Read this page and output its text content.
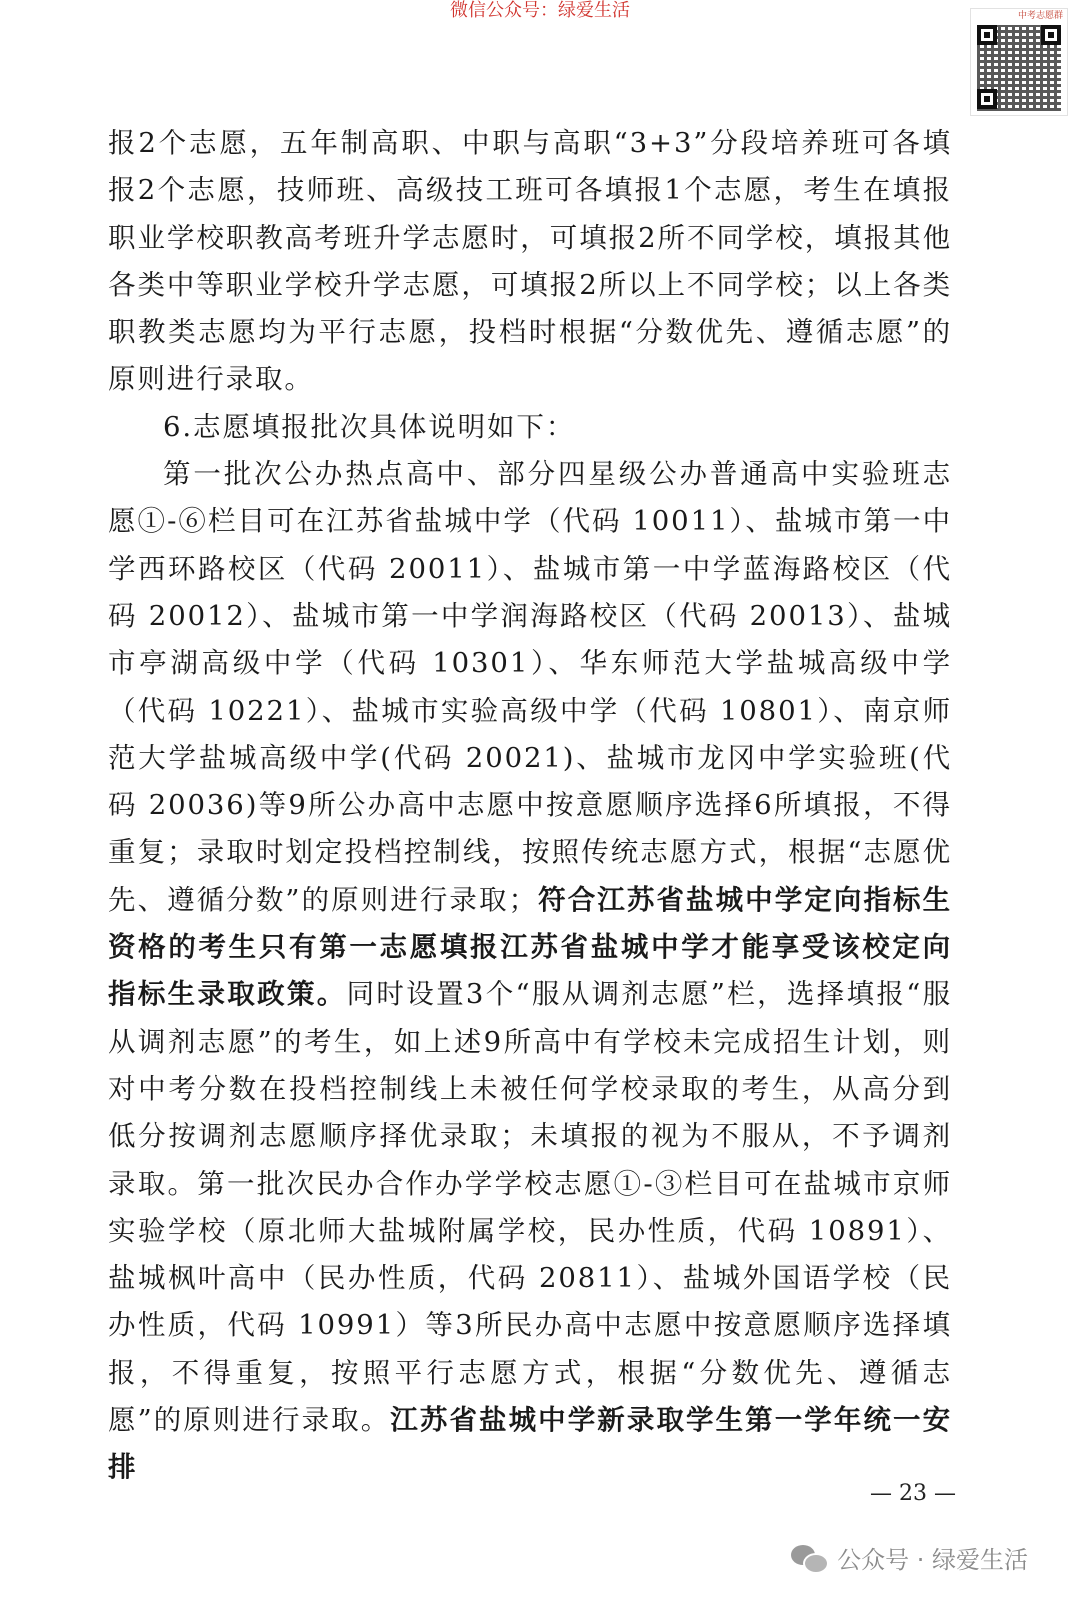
微信公众号：绿爱生活	中考志愿群

报2个志愿，五年制高职、中职与高职“3+3”分段培养班可各填报2个志愿，技师班、高级技工班可各填报1个志愿，考生在填报职业学校职教高考班升学志愿时，可填报2所不同学校，填报其他各类中等职业学校升学志愿，可填报2所以上不同学校；以上各类职教类志愿均为平行志愿，投档时根据“分数优先、遵循志愿”的原则进行录取。

6.志愿填报批次具体说明如下：

第一批次公办热点高中、部分四星级公办普通高中实验班志愿①-⑥栏目可在江苏省盐城中学（代码 10011）、盐城市第一中学西环路校区（代码 20011）、盐城市第一中学蓝海路校区（代码 20012）、盐城市第一中学润海路校区（代码 20013）、盐城市亭湖高级中学（代码 10301）、华东师范大学盐城高级中学（代码 10221）、盐城市实验高级中学（代码 10801）、南京师范大学盐城高级中学(代码 20021)、盐城市龙冈中学实验班(代码 20036)等9所公办高中志愿中按意愿顺序选择6所填报，不得重复；录取时划定投档控制线，按照传统志愿方式，根据“志愿优先、遵循分数”的原则进行录取；符合江苏省盐城中学定向指标生资格的考生只有第一志愿填报江苏省盐城中学才能享受该校定向指标生录取政策。同时设置3个“服从调剂志愿”栏，选择填报“服从调剂志愿”的考生，如上述9所高中有学校未完成招生计划，则对中考分数在投档控制线上未被任何学校录取的考生，从高分到低分按调剂志愿顺序择优录取；未填报的视为不服从，不予调剂录取。第一批次民办合作办学学校志愿①-③栏目可在盐城市京师实验学校（原北师大盐城附属学校，民办性质，代码 10891）、盐城枫叶高中（民办性质，代码 20811）、盐城外国语学校（民办性质，代码 10991）等3所民办高中志愿中按意愿顺序选择填报，不得重复，按照平行志愿方式，根据“分数优先、遵循志愿”的原则进行录取。江苏省盐城中学新录取学生第一学年统一安排

— 23 —
公众号 · 绿爱生活
